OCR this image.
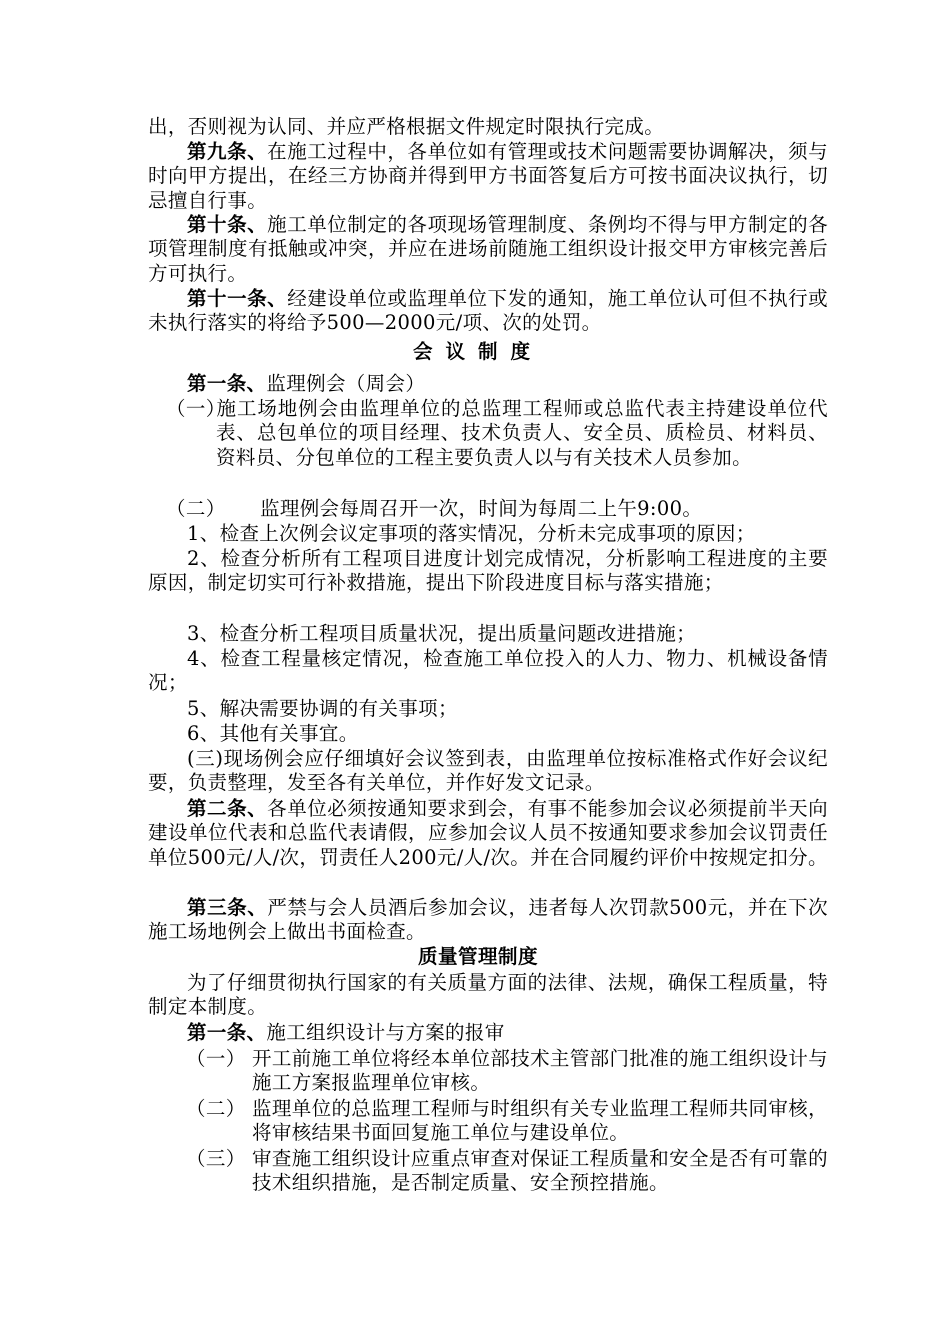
出，否则视为认同、并应严格根据文件规定时限执行完成。

第九条、在施工过程中，各单位如有管理或技术问题需要协调解决，须与时向甲方提出，在经三方协商并得到甲方书面答复后方可按书面决议执行，切忌擅自行事。

第十条、施工单位制定的各项现场管理制度、条例均不得与甲方制定的各项管理制度有抵触或冲突，并应在进场前随施工组织设计报交甲方审核完善后方可执行。

第十一条、经建设单位或监理单位下发的通知，施工单位认可但不执行或未执行落实的将给予500—2000元/项、次的处罚。

会议制度

第一条、监理例会（周会）

（一）
施工场地例会由监理单位的总监理工程师或总监代表主持建设单位代表、总包单位的项目经理、技术负责人、安全员、质检员、材料员、资料员、分包单位的工程主要负责人以与有关技术人员参加。
（二）	监理例会每周召开一次，时间为每周二上午9:00。

1、检查上次例会议定事项的落实情况，分析未完成事项的原因；

2、检查分析所有工程项目进度计划完成情况，分析影响工程进度的主要原因，制定切实可行补救措施，提出下阶段进度目标与落实措施；

3、检查分析工程项目质量状况，提出质量问题改进措施；

4、检查工程量核定情况，检查施工单位投入的人力、物力、机械设备情况；

5、解决需要协调的有关事项；

6、其他有关事宜。

(三)现场例会应仔细填好会议签到表，由监理单位按标准格式作好会议纪要，负责整理，发至各有关单位，并作好发文记录。

第二条、各单位必须按通知要求到会，有事不能参加会议必须提前半天向建设单位代表和总监代表请假，应参加会议人员不按通知要求参加会议罚责任单位500元/人/次，罚责任人200元/人/次。并在合同履约评价中按规定扣分。

第三条、严禁与会人员酒后参加会议，违者每人次罚款500元，并在下次施工场地例会上做出书面检查。

质量管理制度

为了仔细贯彻执行国家的有关质量方面的法律、法规，确保工程质量，特制定本制度。

第一条、施工组织设计与方案的报审

（一） 开工前施工单位将经本单位部技术主管部门批准的施工组织设计与施工方案报监理单位审核。
（二） 监理单位的总监理工程师与时组织有关专业监理工程师共同审核，将审核结果书面回复施工单位与建设单位。
（三） 审查施工组织设计应重点审查对保证工程质量和安全是否有可靠的技术组织措施，是否制定质量、安全预控措施。
